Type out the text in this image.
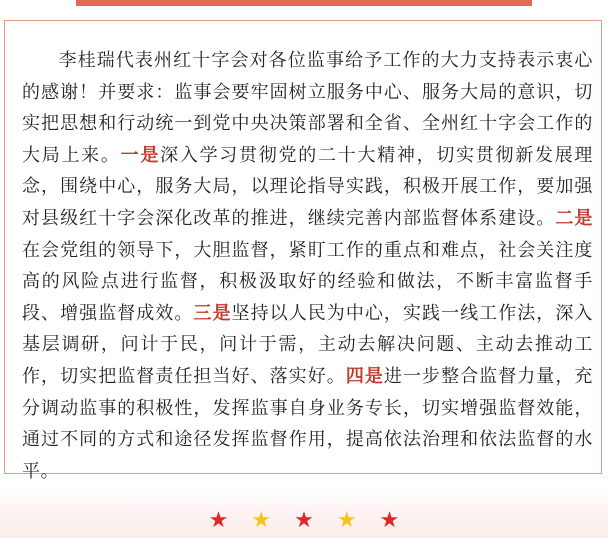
李桂瑞代表州红十字会对各位监事给予工作的大力支持表示衷心的感谢！并要求：监事会要牢固树立服务中心、服务大局的意识，切实把思想和行动统一到党中央决策部署和全省、全州红十字会工作的大局上来。一是深入学习贯彻党的二十大精神，切实贯彻新发展理念，围绕中心，服务大局，以理论指导实践，积极开展工作，要加强对县级红十字会深化改革的推进，继续完善内部监督体系建设。二是在会党组的领导下，大胆监督，紧盯工作的重点和难点，社会关注度高的风险点进行监督，积极汲取好的经验和做法，不断丰富监督手段、增强监督成效。三是坚持以人民为中心，实践一线工作法，深入基层调研，问计于民，问计于需，主动去解决问题、主动去推动工作，切实把监督责任担当好、落实好。四是进一步整合监督力量，充分调动监事的积极性，发挥监事自身业务专长，切实增强监督效能，通过不同的方式和途径发挥监督作用，提高依法治理和依法监督的水平。

★ ★ ★ ★ ★
